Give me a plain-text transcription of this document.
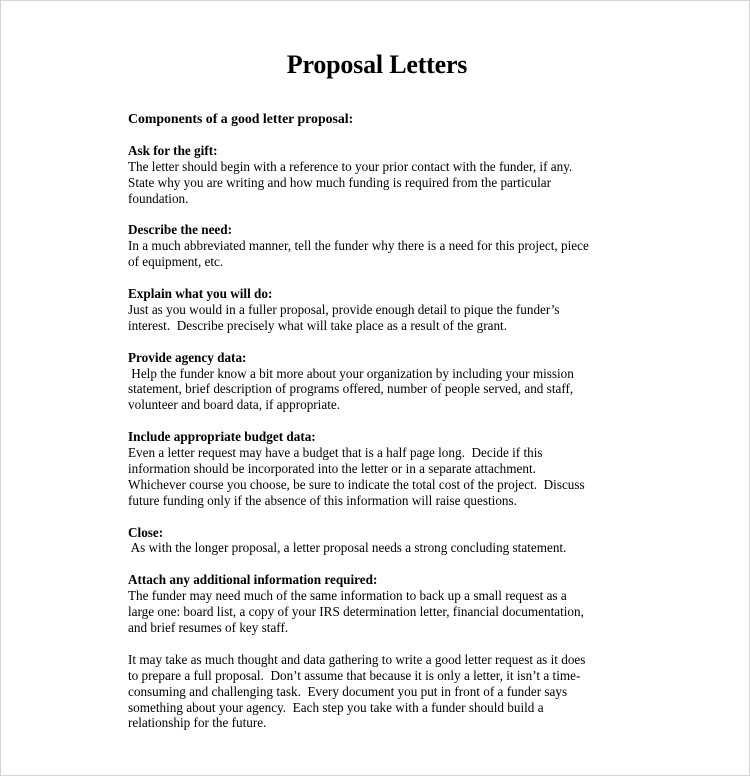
Proposal Letters

Components of a good letter proposal:

Ask for the gift:

The letter should begin with a reference to your prior contact with the funder, if any.
State why you are writing and how much funding is required from the particular
foundation.

Describe the need:

In a much abbreviated manner, tell the funder why there is a need for this project, piece
of equipment, etc.

Explain what you will do:

Just as you would in a fuller proposal, provide enough detail to pique the funder’s
interest.  Describe precisely what will take place as a result of the grant.

Provide agency data:

Help the funder know a bit more about your organization by including your mission
statement, brief description of programs offered, number of people served, and staff,
volunteer and board data, if appropriate.

Include appropriate budget data:

Even a letter request may have a budget that is a half page long.  Decide if this
information should be incorporated into the letter or in a separate attachment.
Whichever course you choose, be sure to indicate the total cost of the project.  Discuss
future funding only if the absence of this information will raise questions.

Close:

As with the longer proposal, a letter proposal needs a strong concluding statement.

Attach any additional information required:

The funder may need much of the same information to back up a small request as a
large one: board list, a copy of your IRS determination letter, financial documentation,
and brief resumes of key staff.
It may take as much thought and data gathering to write a good letter request as it does
to prepare a full proposal.  Don’t assume that because it is only a letter, it isn’t a time-
consuming and challenging task.  Every document you put in front of a funder says
something about your agency.  Each step you take with a funder should build a
relationship for the future.
